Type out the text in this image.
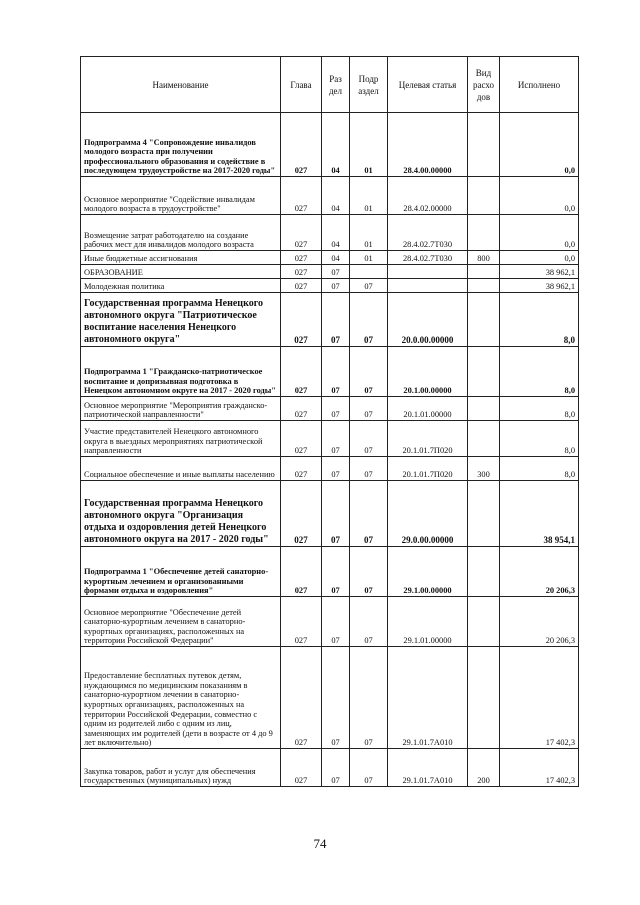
Наименование	Глава	Раз дел	Подр аздел	Целевая статья	Вид расхо дов	Исполнено
Подпрограмма 4 "Сопровождение инвалидов молодого возраста при получении профессионального образования и содействие в последующем трудоустройстве на 2017-2020 годы"	027	04	01	28.4.00.00000		0,0
Основное мероприятие "Содействие инвалидам молодого возраста в трудоустройстве"	027	04	01	28.4.02.00000		0,0
Возмещение затрат работодателю на создание рабочих мест для инвалидов молодого возраста	027	04	01	28.4.02.7Т030		0,0
Иные бюджетные ассигнования	027	04	01	28.4.02.7Т030	800	0,0
ОБРАЗОВАНИЕ	027	07				38 962,1
Молодежная политика	027	07	07			38 962,1
Государственная программа Ненецкого автономного округа "Патриотическое воспитание населения Ненецкого автономного округа"	027	07	07	20.0.00.00000		8,0
Подпрограмма 1 "Гражданско-патриотическое воспитание и допризывная подготовка в Ненецком автономном округе на 2017 - 2020 годы"	027	07	07	20.1.00.00000		8,0
Основное мероприятие "Мероприятия гражданско-патриотической направленности"	027	07	07	20.1.01.00000		8,0
Участие представителей Ненецкого автономного округа в выездных мероприятиях патриотической направленности	027	07	07	20.1.01.7П020		8,0
Социальное обеспечение и иные выплаты населению	027	07	07	20.1.01.7П020	300	8,0
Государственная программа Ненецкого автономного округа "Организация отдыха и оздоровления детей Ненецкого автономного округа на 2017 - 2020 годы"	027	07	07	29.0.00.00000		38 954,1
Подпрограмма 1 "Обеспечение детей санаторно-курортным лечением и организованными формами отдыха и оздоровления"	027	07	07	29.1.00.00000		20 206,3
Основное мероприятие "Обеспечение детей санаторно-курортным лечением в санаторно-курортных организациях, расположенных на территории Российской Федерации"	027	07	07	29.1.01.00000		20 206,3
Предоставление бесплатных путевок детям, нуждающимся по медицинским показаниям в санаторно-курортном лечении в санаторно-курортных организациях, расположенных на территории Российской Федерации, совместно с одним из родителей либо с одним из лиц, заменяющих им родителей (дети в возрасте от 4 до 9 лет включительно)	027	07	07	29.1.01.7А010		17 402,3
Закупка товаров, работ и услуг для обеспечения государственных (муниципальных) нужд	027	07	07	29.1.01.7А010	200	17 402,3
74
